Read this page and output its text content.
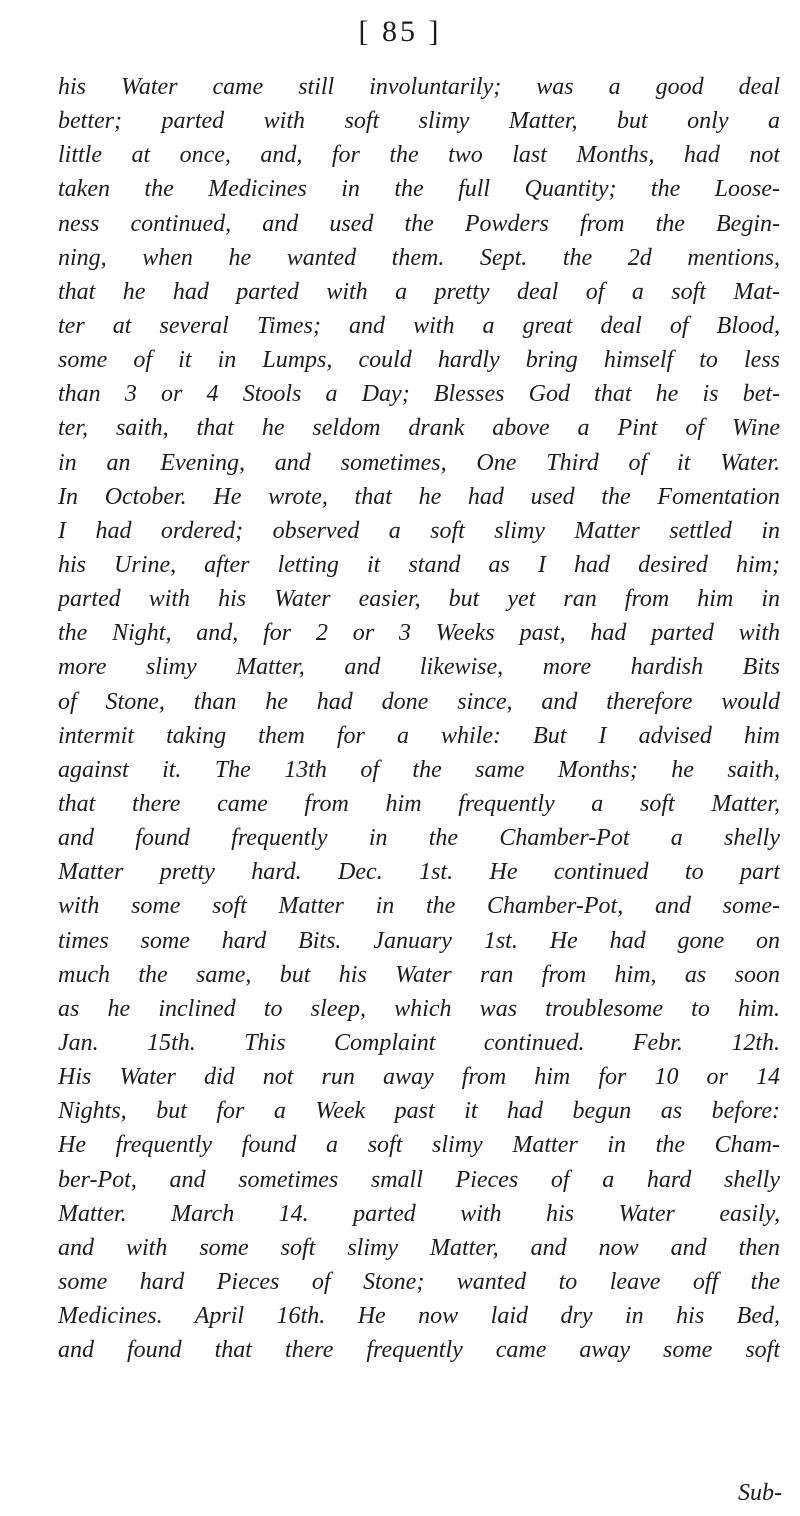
[ 85 ]
his Water came still involuntarily; was a good deal
better; parted with soft slimy Matter, but only a
little at once, and, for the two last Months, had not
taken the Medicines in the full Quantity; the Loose-
ness continued, and used the Powders from the Begin-
ning, when he wanted them. Sept. the 2d mentions,
that he had parted with a pretty deal of a soft Mat-
ter at several Times; and with a great deal of Blood,
some of it in Lumps, could hardly bring himself to less
than 3 or 4 Stools a Day; Blesses God that he is bet-
ter, saith, that he seldom drank above a Pint of Wine
in an Evening, and sometimes, One Third of it Water.
In October. He wrote, that he had used the Fomentation
I had ordered; observed a soft slimy Matter settled in
his Urine, after letting it stand as I had desired him;
parted with his Water easier, but yet ran from him in
the Night, and, for 2 or 3 Weeks past, had parted with
more slimy Matter, and likewise, more hardish Bits
of Stone, than he had done since, and therefore would
intermit taking them for a while: But I advised him
against it. The 13th of the same Months; he saith,
that there came from him frequently a soft Matter,
and found frequently in the Chamber-Pot a shelly
Matter pretty hard. Dec. 1st. He continued to part
with some soft Matter in the Chamber-Pot, and some-
times some hard Bits. January 1st. He had gone on
much the same, but his Water ran from him, as soon
as he inclined to sleep, which was troublesome to him.
Jan. 15th. This Complaint continued. Febr. 12th.
His Water did not run away from him for 10 or 14
Nights, but for a Week past it had begun as before:
He frequently found a soft slimy Matter in the Cham-
ber-Pot, and sometimes small Pieces of a hard shelly
Matter. March 14. parted with his Water easily,
and with some soft slimy Matter, and now and then
some hard Pieces of Stone; wanted to leave off the
Medicines. April 16th. He now laid dry in his Bed,
and found that there frequently came away some soft
Sub-
